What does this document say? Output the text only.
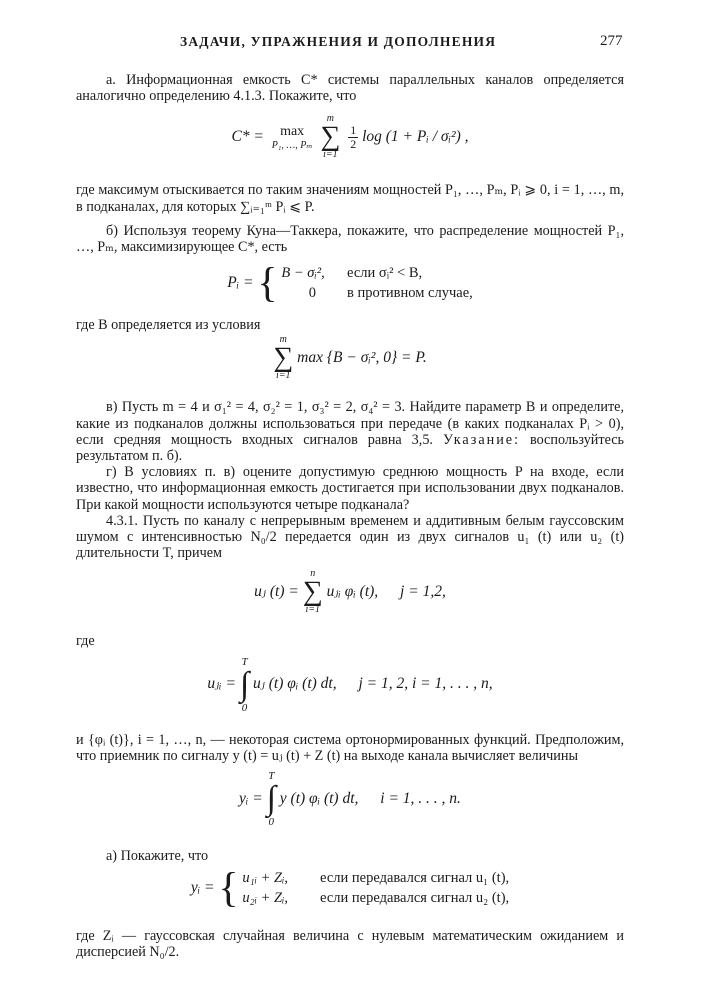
ЗАДАЧИ, УПРАЖНЕНИЯ И ДОПОЛНЕНИЯ	277

а. Информационная емкость C* системы параллельных каналов определяется аналогично определению 4.1.3. Покажите, что

C* =	max
P₁, …, Pₘ

m
∑
i=1

$\frac{1}{2}$ log (1 + Pᵢ / σᵢ²) ,

где максимум отыскивается по таким значениям мощностей P₁, …, Pₘ, Pᵢ ⩾ 0, i = 1, …, m, в подканалах, для которых ∑ᵢ₌₁ᵐ Pᵢ ⩽ P.

б) Используя теорему Куна—Таккера, покажите, что распределение мощностей P₁, …, Pₘ, максимизирующее C*, есть

Pᵢ = { B − σᵢ², если σᵢ² < B,
0 в противном случае,

где B определяется из условия

m
∑
i=1
max {B − σᵢ², 0} = P.

в) Пусть m = 4 и σ₁² = 4, σ₂² = 1, σ₃² = 2, σ₄² = 3. Найдите параметр B и определите, какие из подканалов должны использоваться при передаче (в каких подканалах Pᵢ > 0), если средняя мощность входных сигналов равна 3,5. Указание: воспользуйтесь результатом п. б).

г) В условиях п. в) оцените допустимую среднюю мощность P на входе, если известно, что информационная емкость достигается при использовании двух подканалов. При какой мощности используются четыре подканала?

4.3.1. Пусть по каналу с непрерывным временем и аддитивным белым гауссовским шумом с интенсивностью N₀/2 передается один из двух сигналов u₁ (t) или u₂ (t) длительности T, причем

uⱼ (t) =
n
∑
i=1
uⱼᵢ φᵢ (t), j = 1,2,

где

uⱼᵢ =
T
∫
0
uⱼ (t) φᵢ (t) dt, j = 1, 2, i = 1, . . . , n,

и {φᵢ (t)}, i = 1, …, n, — некоторая система ортонормированных функций. Предположим, что приемник по сигналу y (t) = uⱼ (t) + Z (t) на выходе канала вычисляет величины

yᵢ =
T
∫
0
y (t) φᵢ (t) dt, i = 1, . . . , n.

а) Покажите, что

yᵢ = { u₁ᵢ + Zᵢ, если передавался сигнал u₁ (t),
u₂ᵢ + Zᵢ, если передавался сигнал u₂ (t),

где Zᵢ — гауссовская случайная величина с нулевым математическим ожиданием и дисперсией N₀/2.
